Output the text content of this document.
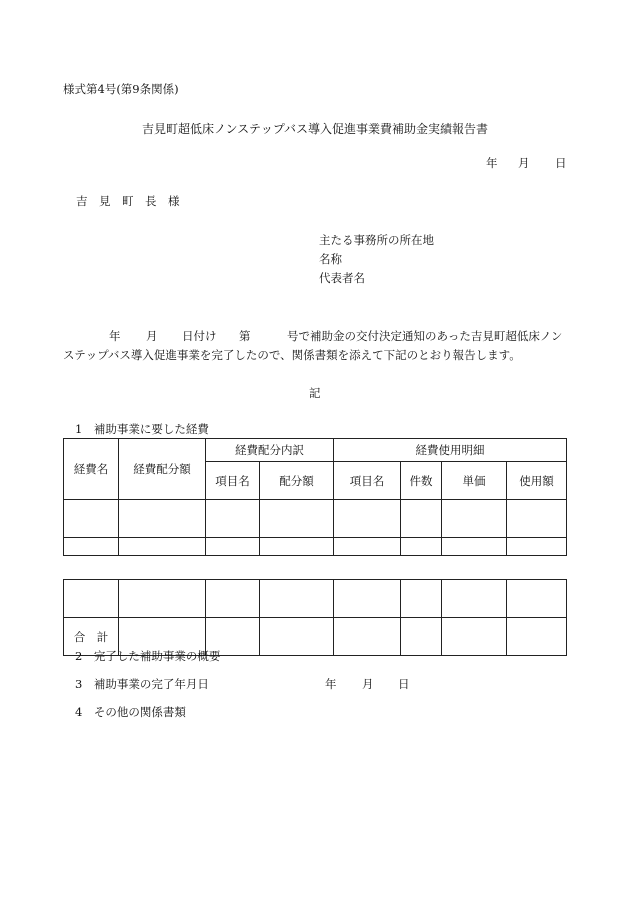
様式第4号(第9条関係)
吉見町超低床ノンステップバス導入促進事業費補助金実績報告書
年 月 日
吉　見　町　長　様
主たる事務所の所在地
名称
代表者名
年 月 日付け 第	号で補助金の交付決定通知のあった吉見町超低床ノン
ステップバス導入促進事業を完了したので、関係書類を添えて下記のとおり報告します。
記
1　補助事業に要した経費
経費名	経費配分額	経費配分内訳		経費使用明細			
		項目名	配分額	項目名	件数	単価	使用額

合　計							
2　完了した補助事業の概要
3　補助事業の完了年月日	年 月 日
4　その他の関係書類
